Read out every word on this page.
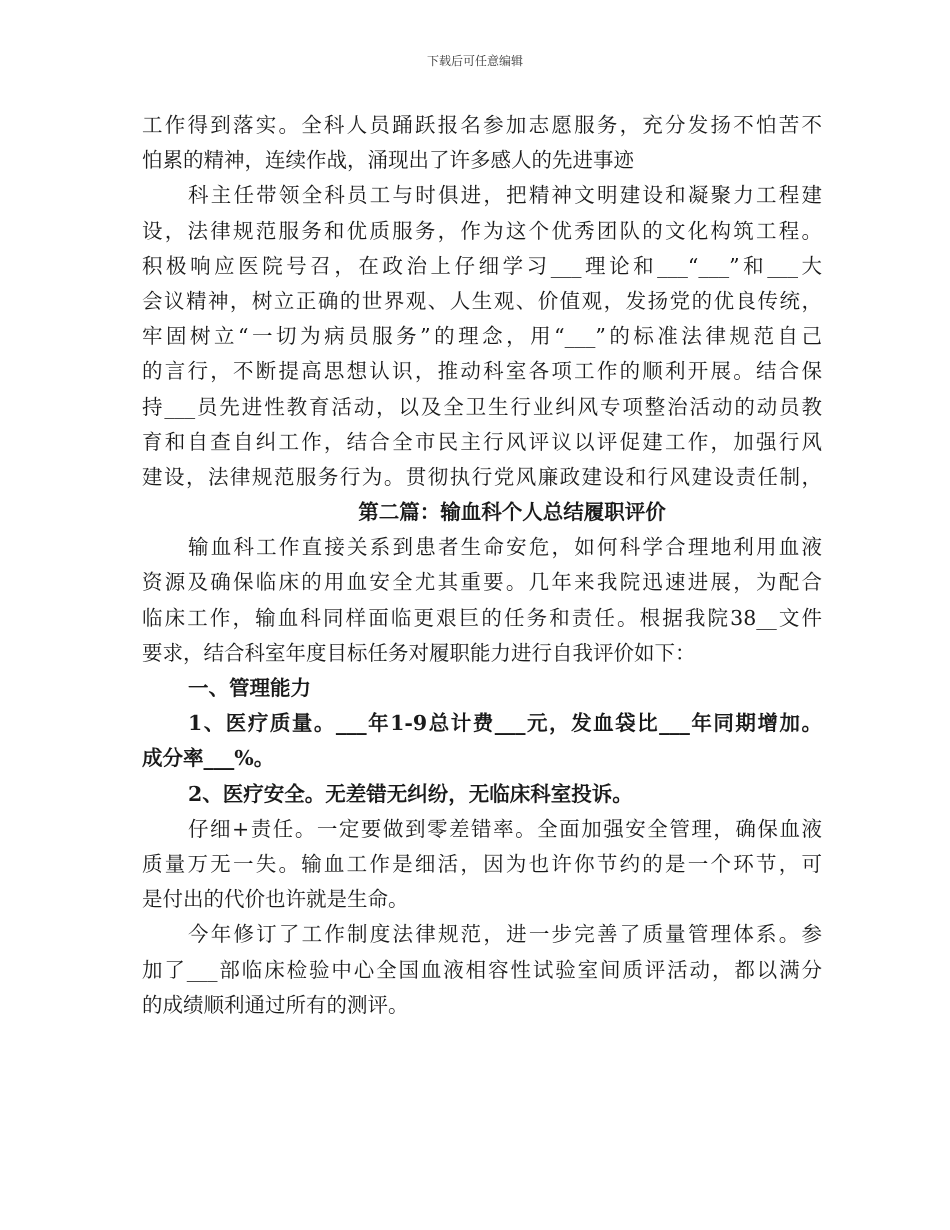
下载后可任意编辑
工作得到落实。全科人员踊跃报名参加志愿服务，充分发扬不怕苦不
怕累的精神，连续作战，涌现出了许多感人的先进事迹
科主任带领全科员工与时俱进，把精神文明建设和凝聚力工程建
设，法律规范服务和优质服务，作为这个优秀团队的文化构筑工程。
积极响应医院号召，在政治上仔细学习___理论和___“___”和___大
会议精神，树立正确的世界观、人生观、价值观，发扬党的优良传统，
牢固树立“一切为病员服务”的理念，用“___”的标准法律规范自己
的言行，不断提高思想认识，推动科室各项工作的顺利开展。结合保
持___员先进性教育活动，以及全卫生行业纠风专项整治活动的动员教
育和自查自纠工作，结合全市民主行风评议以评促建工作，加强行风
建设，法律规范服务行为。贯彻执行党风廉政建设和行风建设责任制，
第二篇：输血科个人总结履职评价
输血科工作直接关系到患者生命安危，如何科学合理地利用血液
资源及确保临床的用血安全尤其重要。几年来我院迅速进展，为配合
临床工作，输血科同样面临更艰巨的任务和责任。根据我院38__文件
要求，结合科室年度目标任务对履职能力进行自我评价如下：
一、管理能力
1、医疗质量。___年1-9总计费___元，发血袋比___年同期增加。
成分率___%。
2、医疗安全。无差错无纠纷，无临床科室投诉。
仔细+责任。一定要做到零差错率。全面加强安全管理，确保血液
质量万无一失。输血工作是细活，因为也许你节约的是一个环节，可
是付出的代价也许就是生命。
今年修订了工作制度法律规范，进一步完善了质量管理体系。参
加了___部临床检验中心全国血液相容性试验室间质评活动，都以满分
的成绩顺利通过所有的测评。
